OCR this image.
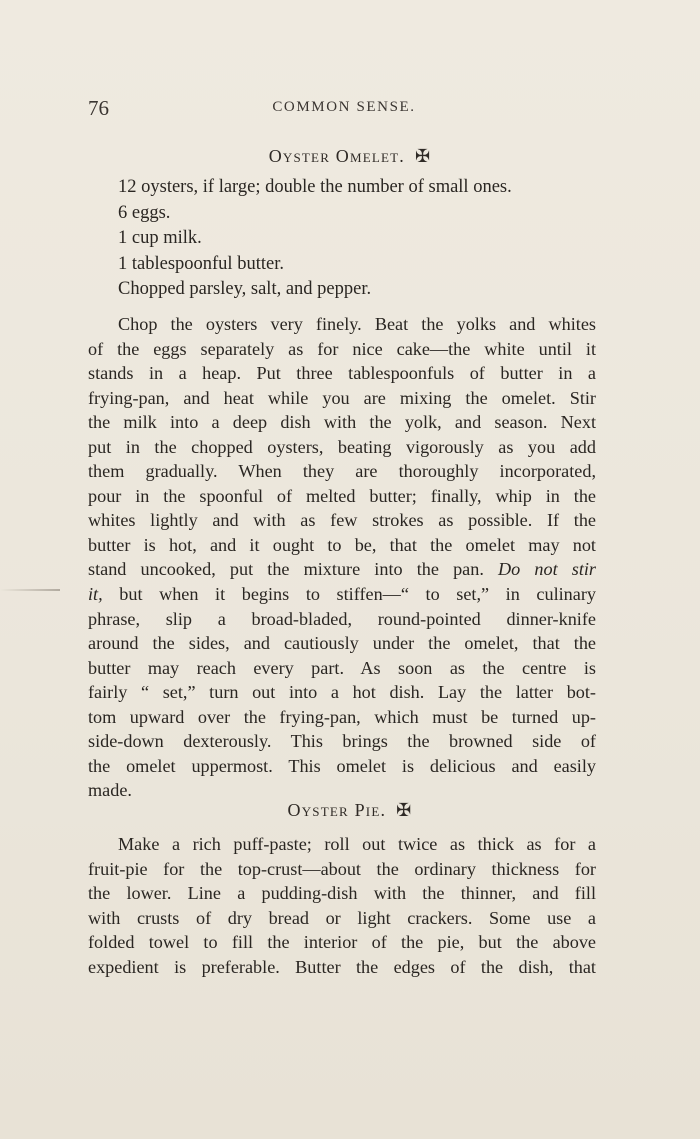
76	COMMON SENSE.
Oyster Omelet. ✠
12 oysters, if large; double the number of small ones.
6 eggs.
1 cup milk.
1 tablespoonful butter.
Chopped parsley, salt, and pepper.
Chop the oysters very finely. Beat the yolks and whites
of the eggs separately as for nice cake—the white until it
stands in a heap. Put three tablespoonfuls of butter in a
frying-pan, and heat while you are mixing the omelet. Stir
the milk into a deep dish with the yolk, and season. Next
put in the chopped oysters, beating vigorously as you add
them gradually. When they are thoroughly incorporated,
pour in the spoonful of melted butter; finally, whip in the
whites lightly and with as few strokes as possible. If the
butter is hot, and it ought to be, that the omelet may not
stand uncooked, put the mixture into the pan. Do not stir
it, but when it begins to stiffen—“ to set,” in culinary
phrase, slip a broad-bladed, round-pointed dinner-knife
around the sides, and cautiously under the omelet, that the
butter may reach every part. As soon as the centre is
fairly “ set,” turn out into a hot dish. Lay the latter bot-
tom upward over the frying-pan, which must be turned up-
side-down dexterously. This brings the browned side of
the omelet uppermost. This omelet is delicious and easily
made.
Oyster Pie. ✠
Make a rich puff-paste; roll out twice as thick as for a
fruit-pie for the top-crust—about the ordinary thickness for
the lower. Line a pudding-dish with the thinner, and fill
with crusts of dry bread or light crackers. Some use a
folded towel to fill the interior of the pie, but the above
expedient is preferable. Butter the edges of the dish, that
